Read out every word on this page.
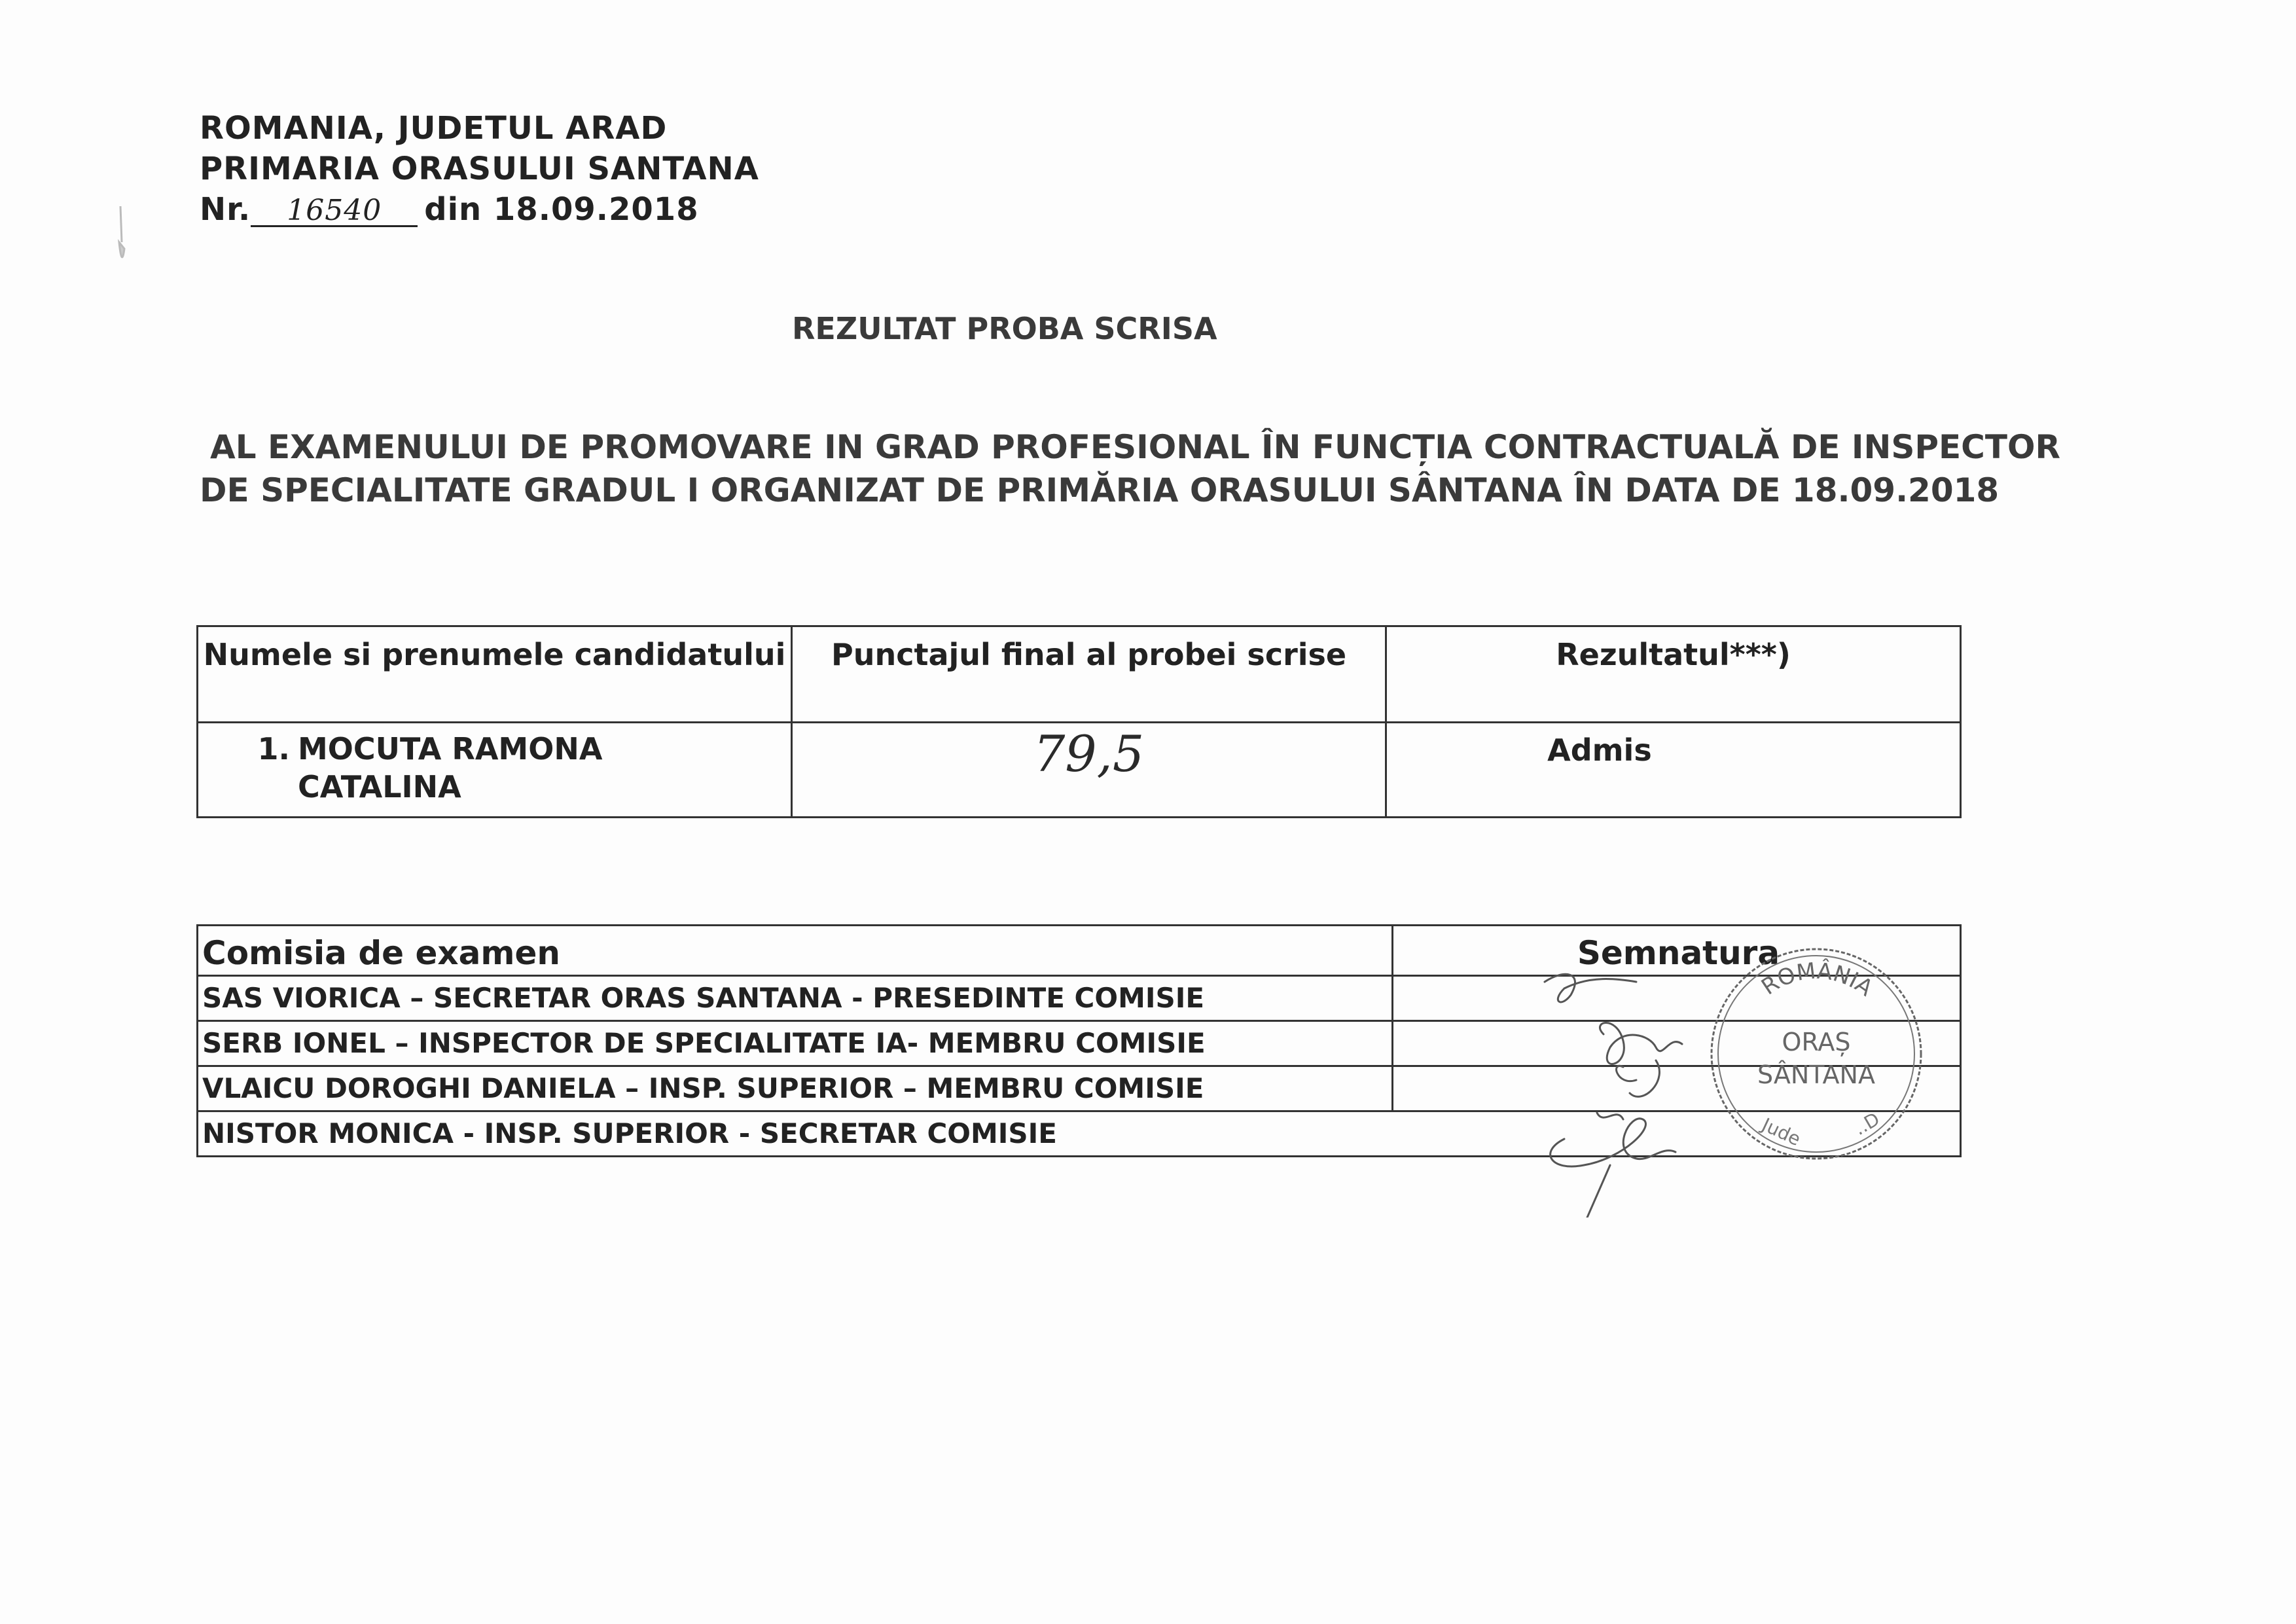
ROMANIA, JUDETUL ARAD
PRIMARIA ORASULUI SANTANA
Nr. 16540 din 18.09.2018
REZULTAT PROBA SCRISA
AL EXAMENULUI DE PROMOVARE IN GRAD PROFESIONAL ÎN FUNCȚIA CONTRACTUALĂ DE INSPECTOR
DE SPECIALITATE GRADUL I ORGANIZAT DE PRIMĂRIA ORASULUI SÂNTANA ÎN DATA DE 18.09.2018
Numele si prenumele candidatului	Punctajul final al probei scrise	Rezultatul***)
1. MOCUTA RAMONA CATALINA	79,5	Admis
Comisia de examen	Semnatura
SAS VIORICA – SECRETAR ORAS SANTANA - PRESEDINTE COMISIE	
SERB IONEL – INSPECTOR DE SPECIALITATE IA- MEMBRU COMISIE	
VLAICU DOROGHI DANIELA – INSP. SUPERIOR – MEMBRU COMISIE	
NISTOR MONICA - INSP. SUPERIOR - SECRETAR COMISIE	
ROMÂNIA
ORAȘ
SÂNTANA
Jude	..D
